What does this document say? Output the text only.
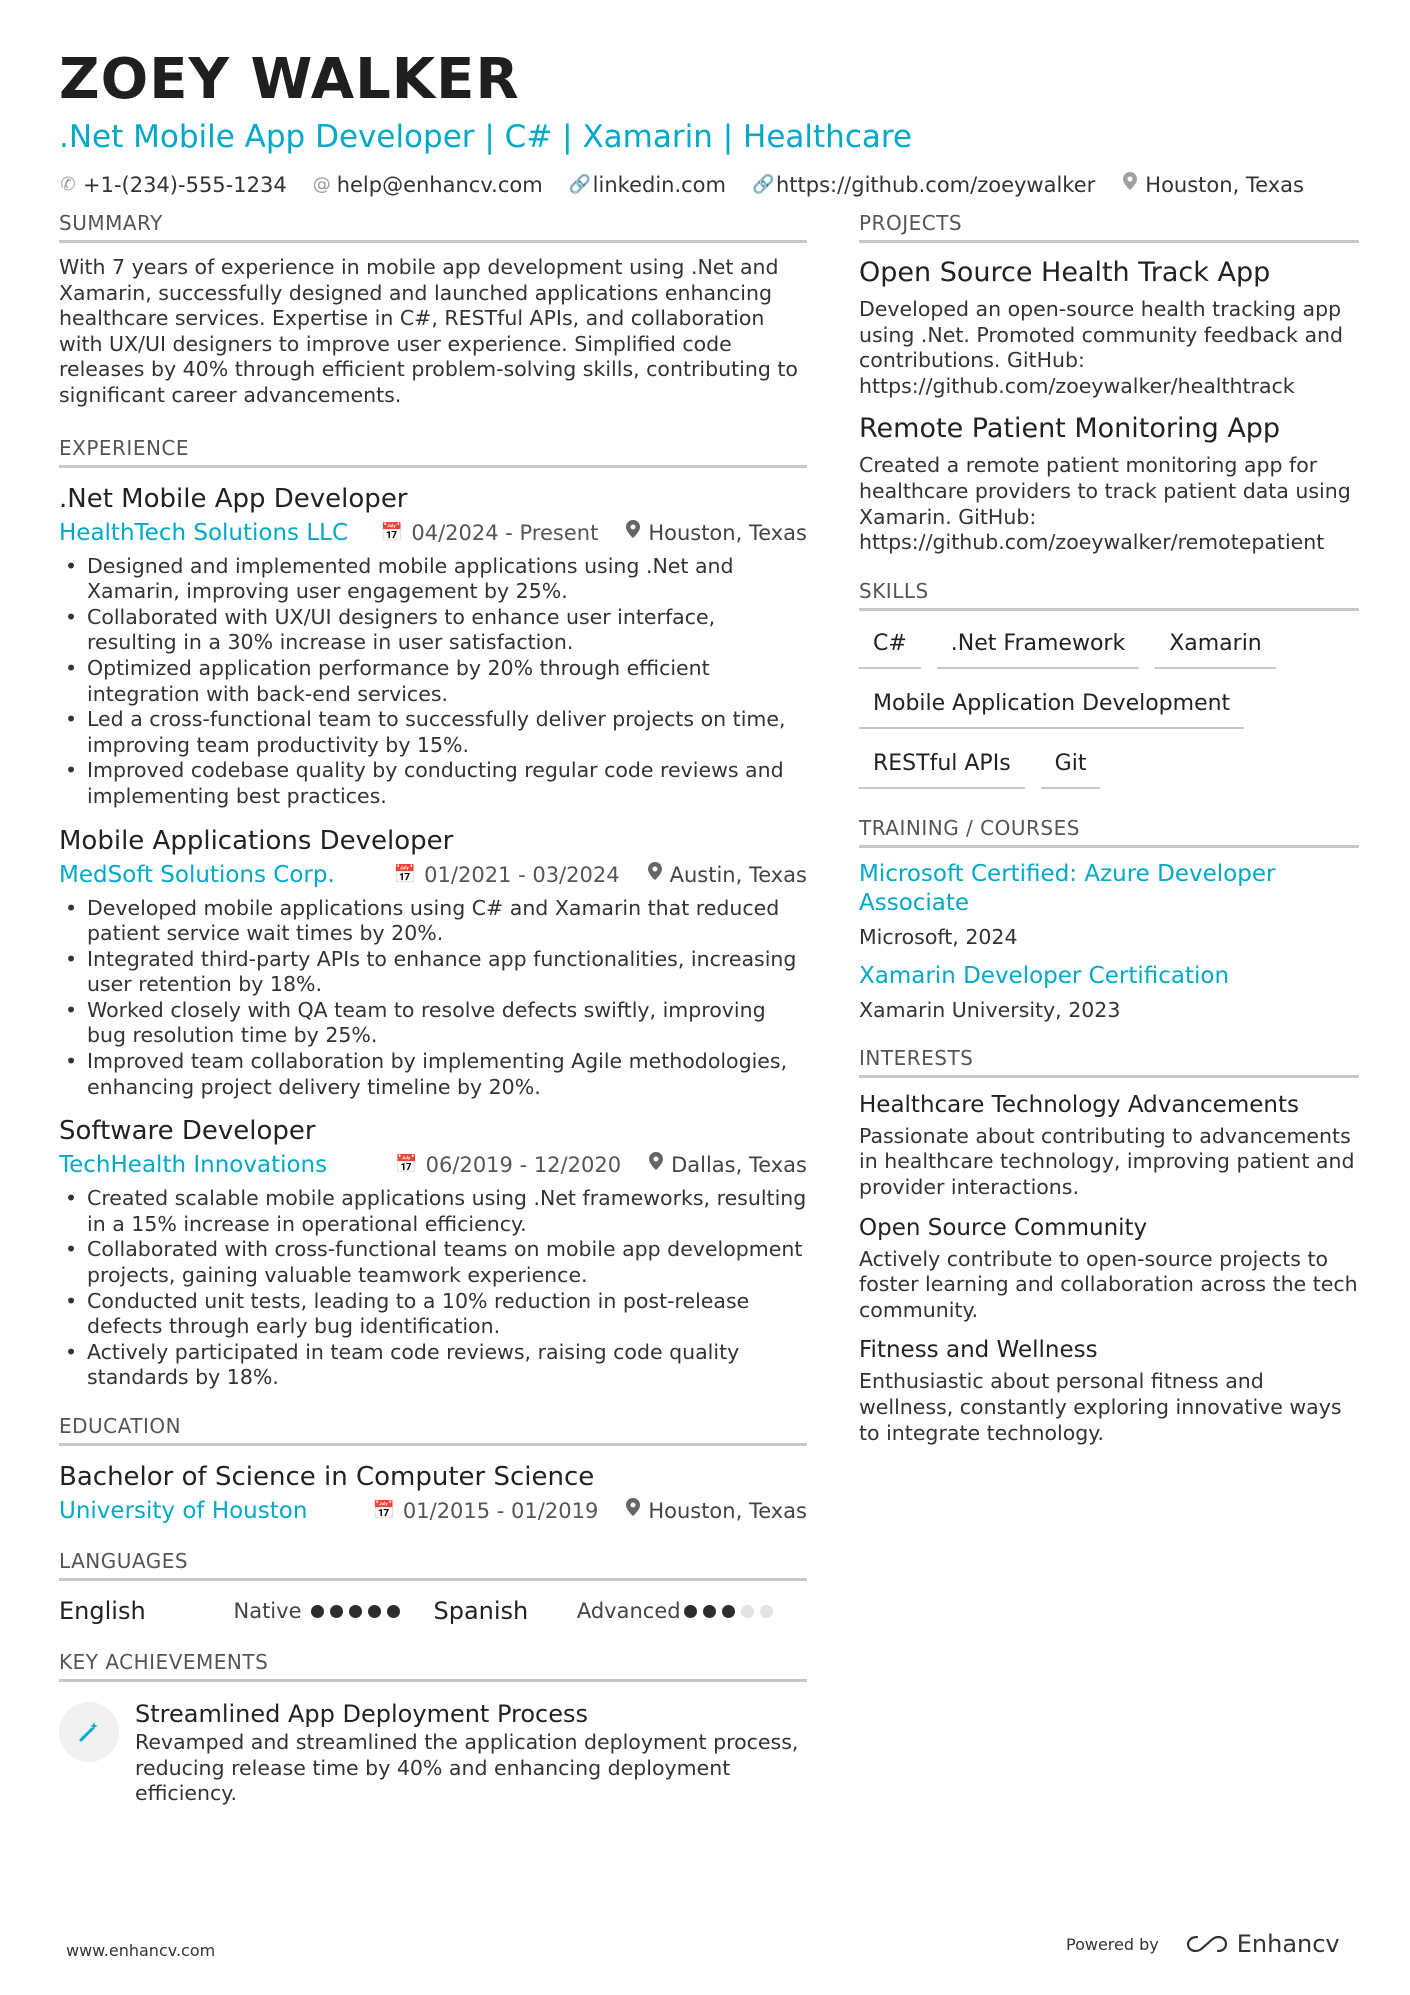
ZOEY WALKER
.Net Mobile App Developer | C# | Xamarin | Healthcare
✆ +1-(234)-555-1234 @ help@enhancv.com 🔗 linkedin.com 🔗 https://github.com/zoeywalker Houston, Texas
SUMMARY

With 7 years of experience in mobile app development using .Net and Xamarin, successfully designed and launched applications enhancing healthcare services. Expertise in C#, RESTful APIs, and collaboration with UX/UI designers to improve user experience. Simplified code releases by 40% through efficient problem-solving skills, contributing to significant career advancements.

EXPERIENCE
.Net Mobile App Developer
HealthTech Solutions LLC 📅 04/2024 - Present Houston, Texas
• Designed and implemented mobile applications using .Net and Xamarin, improving user engagement by 25%.
• Collaborated with UX/UI designers to enhance user interface, resulting in a 30% increase in user satisfaction.
• Optimized application performance by 20% through efficient integration with back-end services.
• Led a cross-functional team to successfully deliver projects on time, improving team productivity by 15%.
• Improved codebase quality by conducting regular code reviews and implementing best practices.
Mobile Applications Developer
MedSoft Solutions Corp.	📅 01/2021 - 03/2024 Austin, Texas
• Developed mobile applications using C# and Xamarin that reduced patient service wait times by 20%.
• Integrated third-party APIs to enhance app functionalities, increasing user retention by 18%.
• Worked closely with QA team to resolve defects swiftly, improving bug resolution time by 25%.
• Improved team collaboration by implementing Agile methodologies, enhancing project delivery timeline by 20%.
Software Developer
TechHealth Innovations	📅 06/2019 - 12/2020 Dallas, Texas
• Created scalable mobile applications using .Net frameworks, resulting in a 15% increase in operational efficiency.
• Collaborated with cross-functional teams on mobile app development projects, gaining valuable teamwork experience.
• Conducted unit tests, leading to a 10% reduction in post-release defects through early bug identification.
• Actively participated in team code reviews, raising code quality standards by 18%.
EDUCATION
Bachelor of Science in Computer Science
University of Houston	📅 01/2015 - 01/2019 Houston, Texas
LANGUAGES
English	Native	Spanish	Advanced
KEY ACHIEVEMENTS
Streamlined App Deployment Process

Revamped and streamlined the application deployment process, reducing release time by 40% and enhancing deployment efficiency.

PROJECTS
Open Source Health Track App

Developed an open-source health tracking app using .Net. Promoted community feedback and contributions. GitHub: https://github.com/zoeywalker/healthtrack

Remote Patient Monitoring App

Created a remote patient monitoring app for healthcare providers to track patient data using Xamarin. GitHub: https://github.com/zoeywalker/remotepatient

SKILLS
C#	.Net Framework	Xamarin
Mobile Application Development
RESTful APIs	Git
TRAINING / COURSES
Microsoft Certified: Azure Developer Associate
Microsoft, 2024
Xamarin Developer Certification
Xamarin University, 2023
INTERESTS
Healthcare Technology Advancements

Passionate about contributing to advancements in healthcare technology, improving patient and provider interactions.

Open Source Community

Actively contribute to open-source projects to foster learning and collaboration across the tech community.

Fitness and Wellness

Enthusiastic about personal fitness and wellness, constantly exploring innovative ways to integrate technology.

www.enhancv.com	Powered by	Enhancv
